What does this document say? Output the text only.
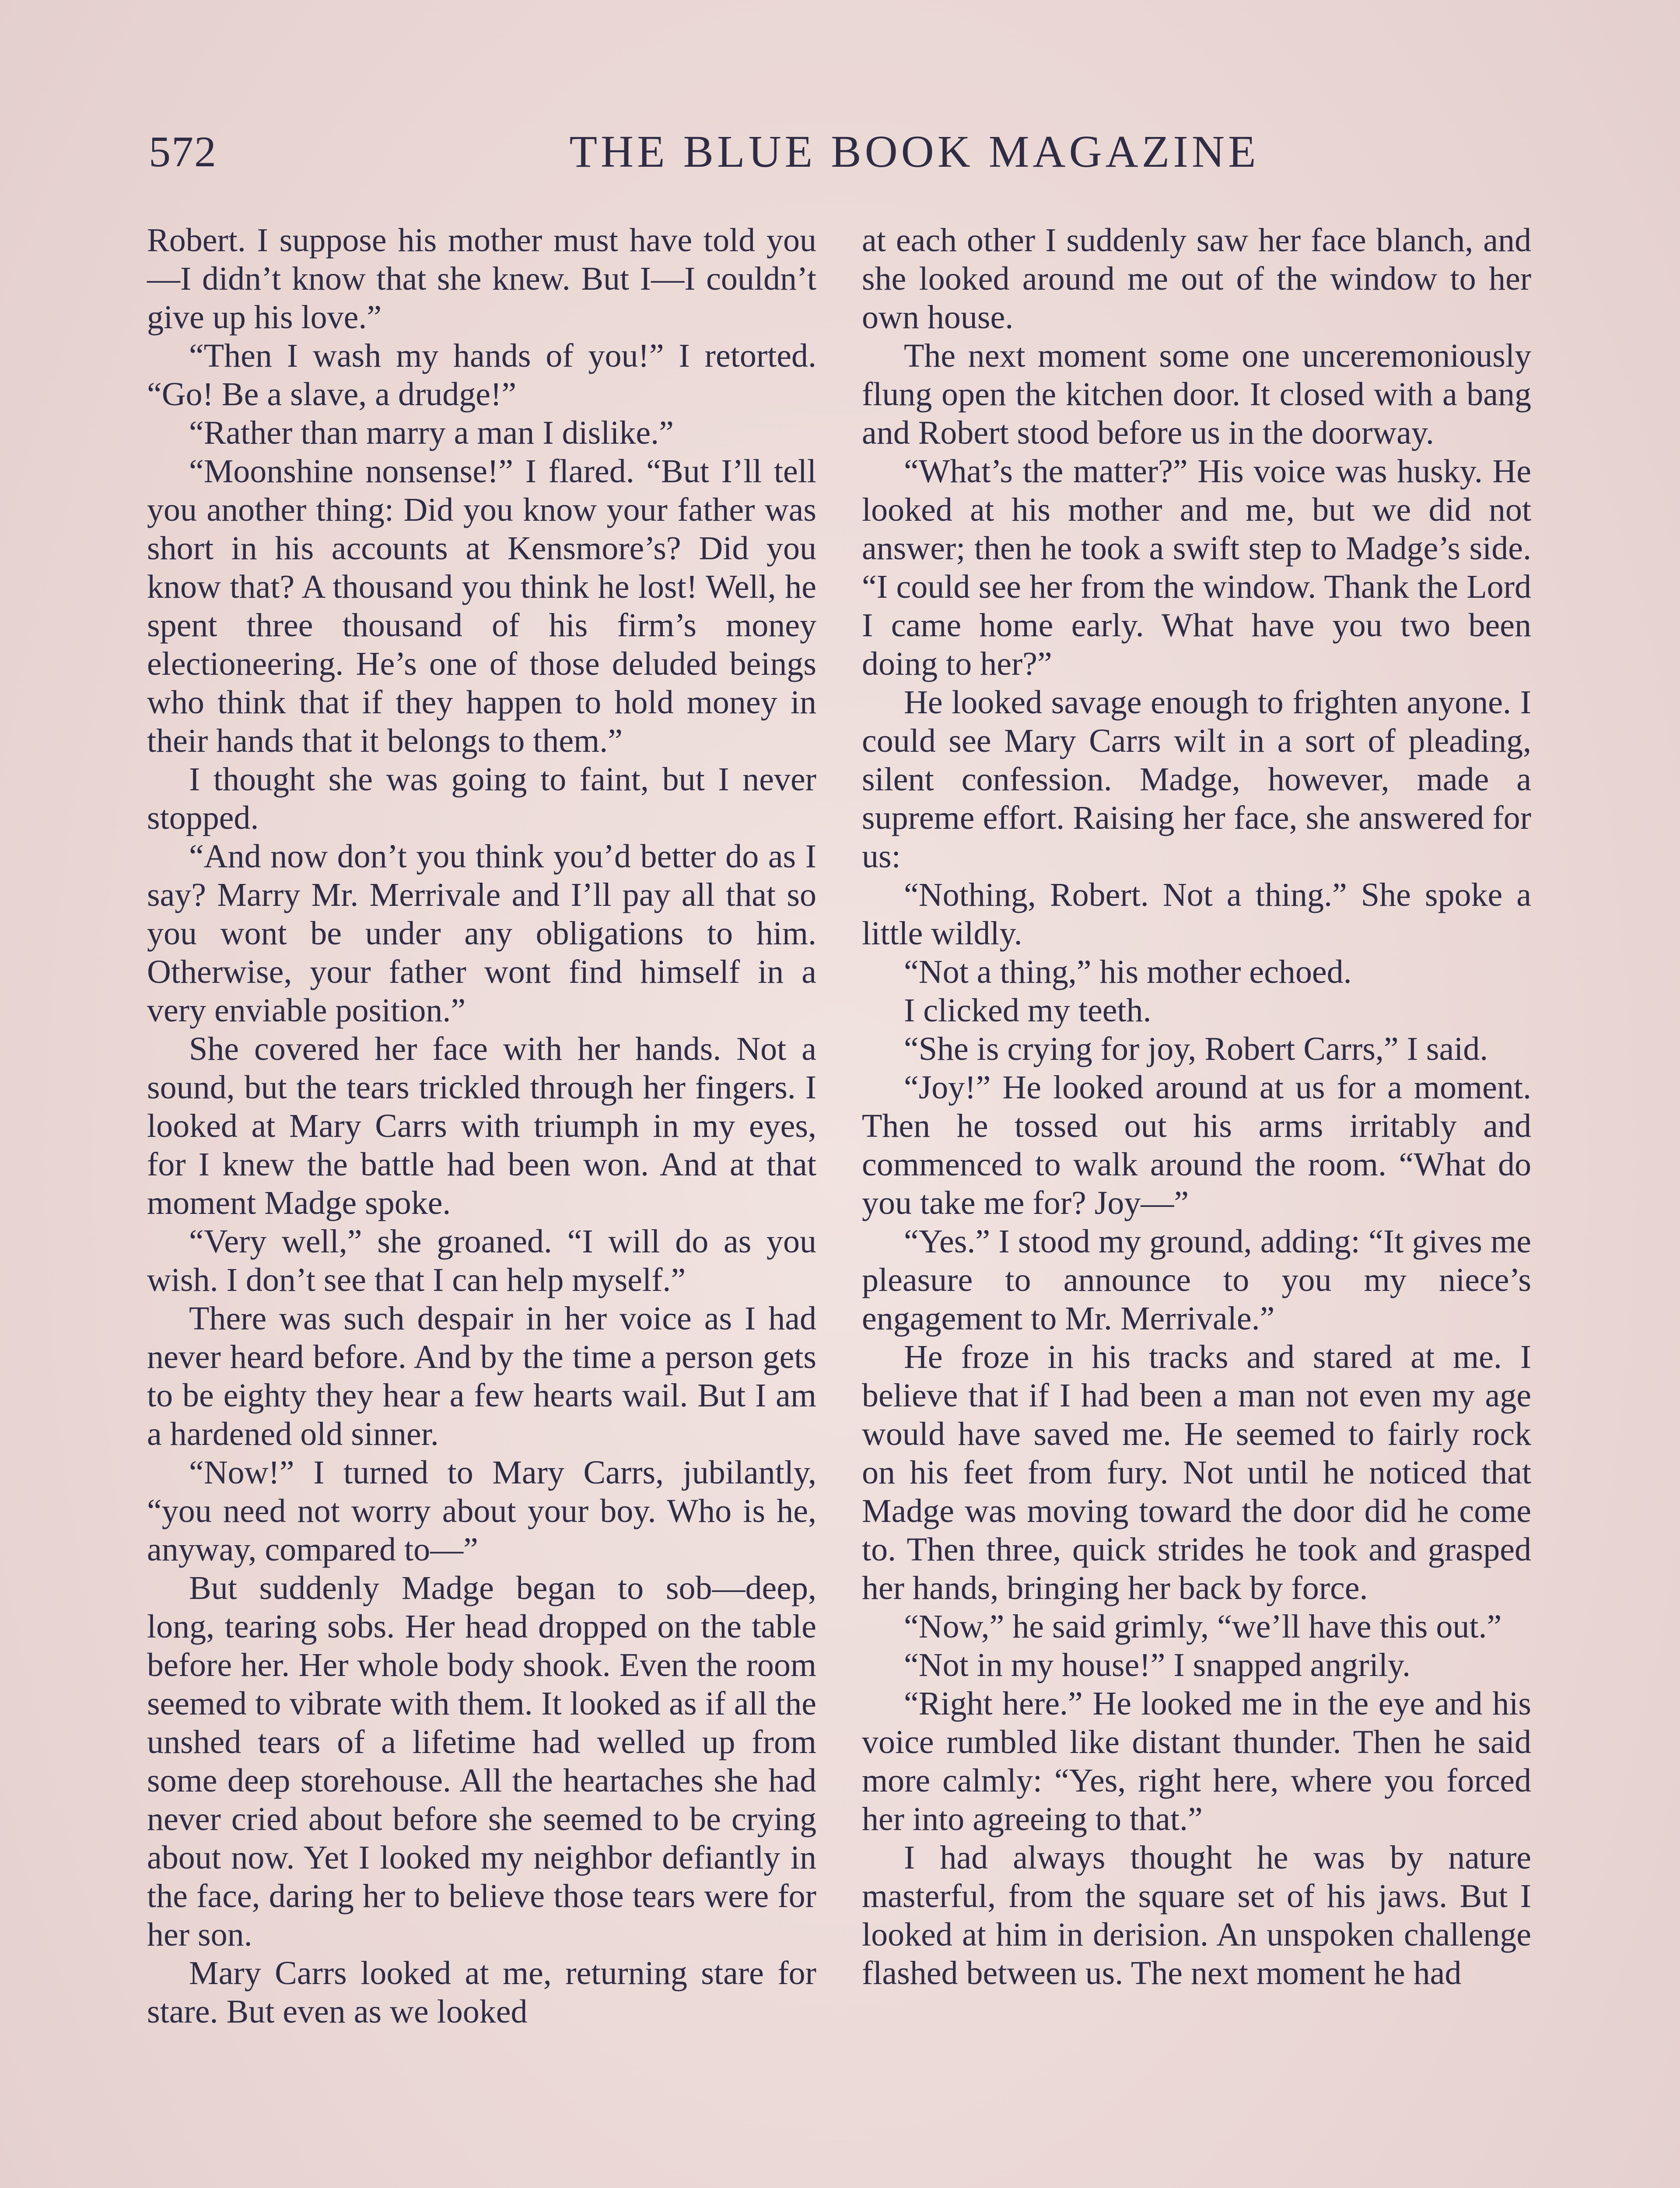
572	THE BLUE BOOK MAGAZINE

Robert. I suppose his mother must have told you—I didn’t know that she knew. But I—I couldn’t give up his love.”

“Then I wash my hands of you!” I retorted. “Go! Be a slave, a drudge!”

“Rather than marry a man I dislike.”

“Moonshine nonsense!” I flared. “But I’ll tell you another thing: Did you know your father was short in his accounts at Kensmore’s? Did you know that? A thousand you think he lost! Well, he spent three thousand of his firm’s money electioneering. He’s one of those deluded beings who think that if they happen to hold money in their hands that it belongs to them.”

I thought she was going to faint, but I never stopped.

“And now don’t you think you’d better do as I say? Marry Mr. Merrivale and I’ll pay all that so you wont be under any obligations to him. Otherwise, your father wont find himself in a very enviable position.”

She covered her face with her hands. Not a sound, but the tears trickled through her fingers. I looked at Mary Carrs with triumph in my eyes, for I knew the battle had been won. And at that moment Madge spoke.

“Very well,” she groaned. “I will do as you wish. I don’t see that I can help myself.”

There was such despair in her voice as I had never heard before. And by the time a person gets to be eighty they hear a few hearts wail. But I am a hardened old sinner.

“Now!” I turned to Mary Carrs, jubilantly, “you need not worry about your boy. Who is he, anyway, compared to—”

But suddenly Madge began to sob—deep, long, tearing sobs. Her head dropped on the table before her. Her whole body shook. Even the room seemed to vibrate with them. It looked as if all the unshed tears of a lifetime had welled up from some deep storehouse. All the heartaches she had never cried about before she seemed to be crying about now. Yet I looked my neighbor defiantly in the face, daring her to believe those tears were for her son.

Mary Carrs looked at me, returning stare for stare. But even as we looked

at each other I suddenly saw her face blanch, and she looked around me out of the window to her own house.

The next moment some one unceremoniously flung open the kitchen door. It closed with a bang and Robert stood before us in the doorway.

“What’s the matter?” His voice was husky. He looked at his mother and me, but we did not answer; then he took a swift step to Madge’s side. “I could see her from the window. Thank the Lord I came home early. What have you two been doing to her?”

He looked savage enough to frighten anyone. I could see Mary Carrs wilt in a sort of pleading, silent confession. Madge, however, made a supreme effort. Raising her face, she answered for us:

“Nothing, Robert. Not a thing.” She spoke a little wildly.

“Not a thing,” his mother echoed.

I clicked my teeth.

“She is crying for joy, Robert Carrs,” I said.

“Joy!” He looked around at us for a moment. Then he tossed out his arms irritably and commenced to walk around the room. “What do you take me for? Joy—”

“Yes.” I stood my ground, adding: “It gives me pleasure to announce to you my niece’s engagement to Mr. Merrivale.”

He froze in his tracks and stared at me. I believe that if I had been a man not even my age would have saved me. He seemed to fairly rock on his feet from fury. Not until he noticed that Madge was moving toward the door did he come to. Then three, quick strides he took and grasped her hands, bringing her back by force.

“Now,” he said grimly, “we’ll have this out.”

“Not in my house!” I snapped angrily.

“Right here.” He looked me in the eye and his voice rumbled like distant thunder. Then he said more calmly: “Yes, right here, where you forced her into agreeing to that.”

I had always thought he was by nature masterful, from the square set of his jaws. But I looked at him in derision. An unspoken challenge flashed between us. The next moment he had
